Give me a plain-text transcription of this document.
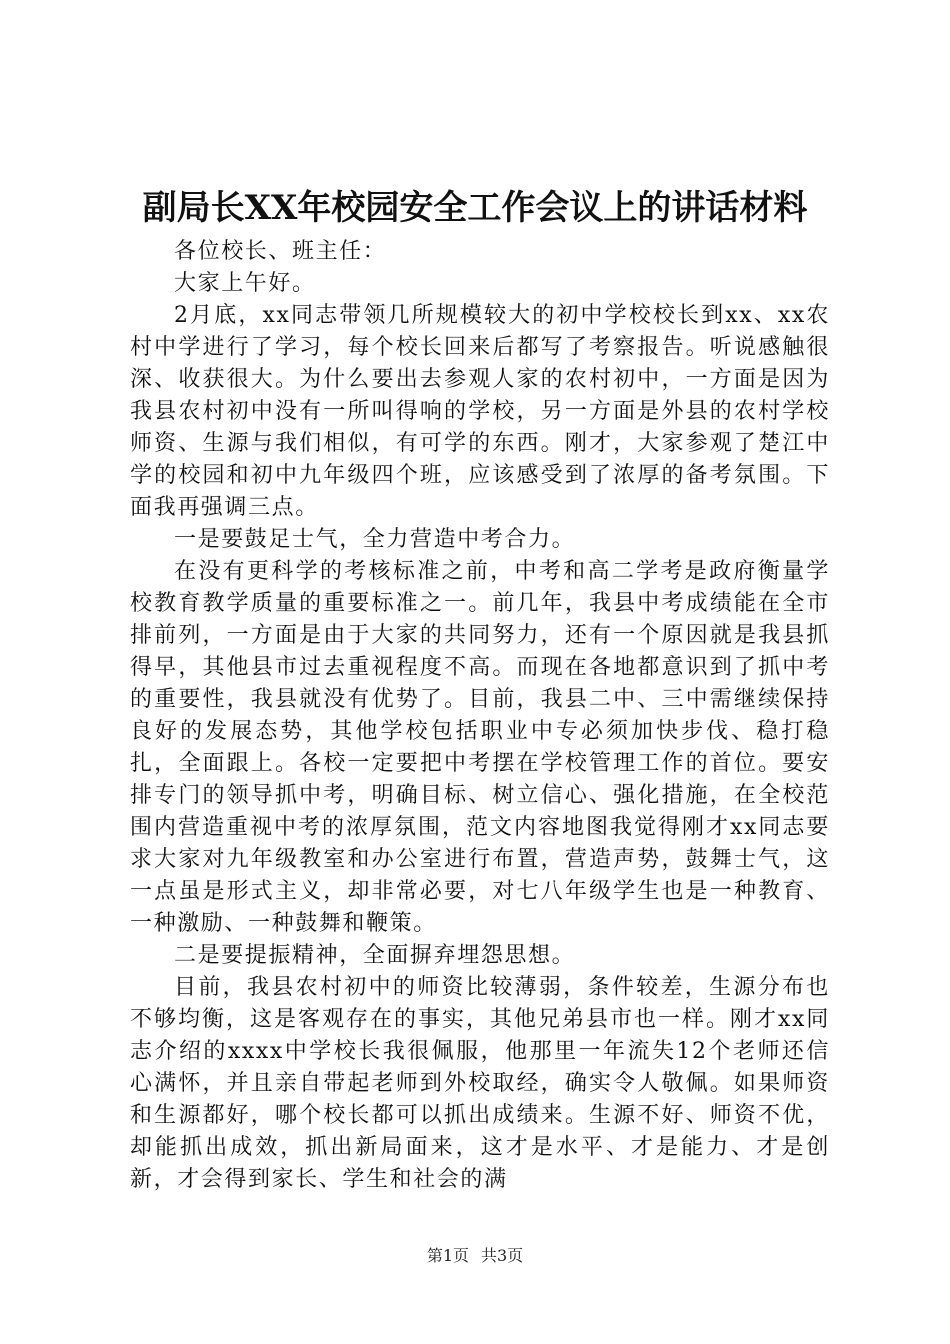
副局长XX年校园安全工作会议上的讲话材料

各位校长、班主任：

大家上午好。

2月底，xx同志带领几所规模较大的初中学校校长到xx、xx农村中学进行了学习，每个校长回来后都写了考察报告。听说感触很深、收获很大。为什么要出去参观人家的农村初中，一方面是因为我县农村初中没有一所叫得响的学校，另一方面是外县的农村学校师资、生源与我们相似，有可学的东西。刚才，大家参观了楚江中学的校园和初中九年级四个班，应该感受到了浓厚的备考氛围。下面我再强调三点。

一是要鼓足士气，全力营造中考合力。

在没有更科学的考核标准之前，中考和高二学考是政府衡量学校教育教学质量的重要标准之一。前几年，我县中考成绩能在全市排前列，一方面是由于大家的共同努力，还有一个原因就是我县抓得早，其他县市过去重视程度不高。而现在各地都意识到了抓中考的重要性，我县就没有优势了。目前，我县二中、三中需继续保持良好的发展态势，其他学校包括职业中专必须加快步伐、稳打稳扎，全面跟上。各校一定要把中考摆在学校管理工作的首位。要安排专门的领导抓中考，明确目标、树立信心、强化措施，在全校范围内营造重视中考的浓厚氛围，范文内容地图我觉得刚才xx同志要求大家对九年级教室和办公室进行布置，营造声势，鼓舞士气，这一点虽是形式主义，却非常必要，对七八年级学生也是一种教育、一种激励、一种鼓舞和鞭策。

二是要提振精神，全面摒弃埋怨思想。

目前，我县农村初中的师资比较薄弱，条件较差，生源分布也不够均衡，这是客观存在的事实，其他兄弟县市也一样。刚才xx同志介绍的xxxx中学校长我很佩服，他那里一年流失12个老师还信心满怀，并且亲自带起老师到外校取经，确实令人敬佩。如果师资和生源都好，哪个校长都可以抓出成绩来。生源不好、师资不优，却能抓出成效，抓出新局面来，这才是水平、才是能力、才是创新，才会得到家长、学生和社会的满

第1页 共3页
